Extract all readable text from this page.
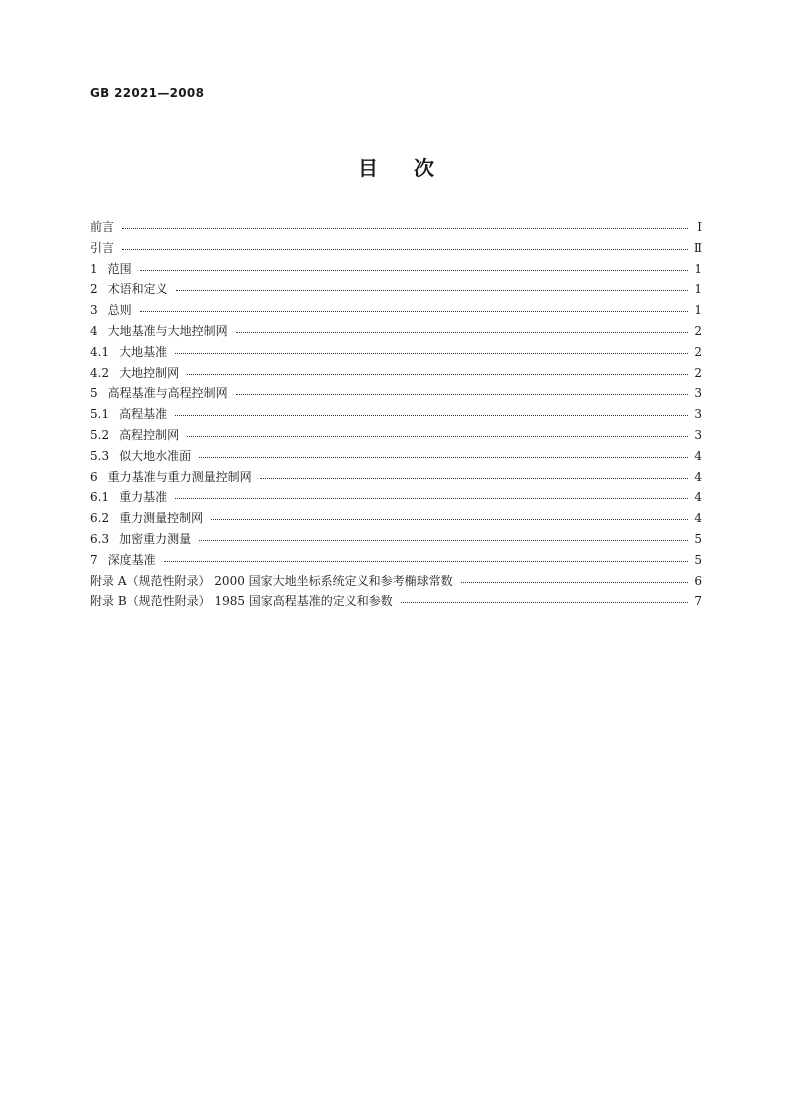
GB 22021—2008
目次
前言	Ⅰ
引言	Ⅱ
1 范围	1
2 术语和定义	1
3 总则	1
4 大地基准与大地控制网	2
4.1 大地基准	2
4.2 大地控制网	2
5 高程基准与高程控制网	3
5.1 高程基准	3
5.2 高程控制网	3
5.3 似大地水准面	4
6 重力基准与重力测量控制网	4
6.1 重力基准	4
6.2 重力测量控制网	4
6.3 加密重力测量	5
7 深度基准	5
附录 A（规范性附录） 2000 国家大地坐标系统定义和参考椭球常数	6
附录 B（规范性附录） 1985 国家高程基准的定义和参数	7
